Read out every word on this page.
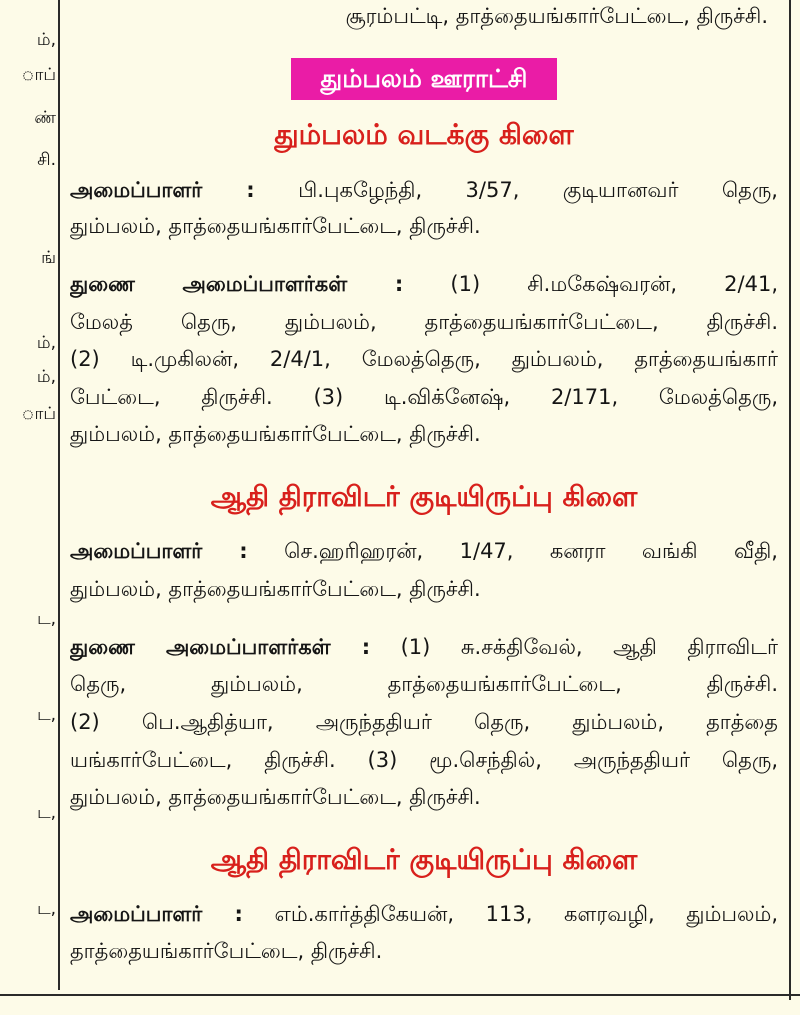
ம்,
ாப்
ண்
சி.
ங்
ம்,
ம்,
ாப்
ட,
ட,
ட,
ட,
சூரம்பட்டி, தாத்தையங்கார்பேட்டை, திருச்சி.
தும்பலம் ஊராட்சி
தும்பலம் வடக்கு கிளை
அமைப்பாளர் : பி.புகழேந்தி, 3/57, குடியானவர் தெரு,
தும்பலம், தாத்தையங்கார்பேட்டை, திருச்சி.
துணை அமைப்பாளர்கள் : (1) சி.மகேஷ்வரன், 2/41,
மேலத் தெரு, தும்பலம், தாத்தையங்கார்பேட்டை, திருச்சி.
(2) டி.முகிலன், 2/4/1, மேலத்தெரு, தும்பலம், தாத்தையங்கார்
பேட்டை, திருச்சி. (3) டி.விக்னேஷ், 2/171, மேலத்தெரு,
தும்பலம், தாத்தையங்கார்பேட்டை, திருச்சி.
ஆதி திராவிடர் குடியிருப்பு கிளை
அமைப்பாளர் : செ.ஹரிஹரன், 1/47, கனரா வங்கி வீதி,
தும்பலம், தாத்தையங்கார்பேட்டை, திருச்சி.
துணை அமைப்பாளர்கள் : (1) சு.சக்திவேல், ஆதி திராவிடர்
தெரு, தும்பலம், தாத்தையங்கார்பேட்டை, திருச்சி.
(2) பெ.ஆதித்யா, அருந்ததியர் தெரு, தும்பலம், தாத்தை
யங்கார்பேட்டை, திருச்சி. (3) மூ.செந்தில், அருந்ததியர் தெரு,
தும்பலம், தாத்தையங்கார்பேட்டை, திருச்சி.
ஆதி திராவிடர் குடியிருப்பு கிளை
அமைப்பாளர் : எம்.கார்த்திகேயன், 113, களரவழி, தும்பலம்,
தாத்தையங்கார்பேட்டை, திருச்சி.
